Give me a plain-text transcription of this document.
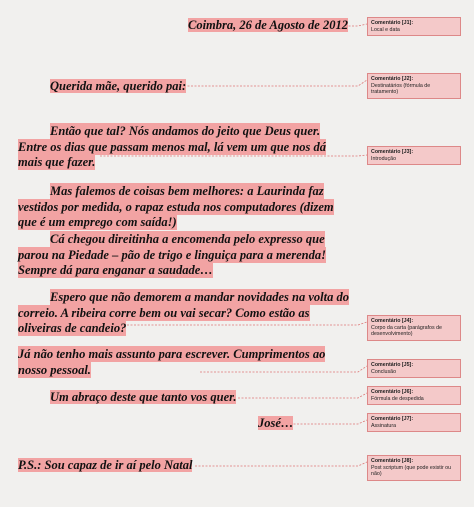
Coimbra, 26 de Agosto de 2012
Querida mãe, querido pai:
Então que tal? Nós andamos do jeito que Deus quer. Entre os dias que passam menos mal, lá vem um que nos dá mais que fazer.
Mas falemos de coisas bem melhores: a Laurinda faz vestidos por medida, o rapaz estuda nos computadores (dizem que é um emprego com saída!)
Cá chegou direitinha a encomenda pelo expresso que parou na Piedade – pão de trigo e linguiça para a merenda! Sempre dá para enganar a saudade…
Espero que não demorem a mandar novidades na volta do correio. A ribeira corre bem ou vai secar? Como estão as oliveiras de candeio?
Já não tenho mais assunto para escrever. Cumprimentos ao nosso pessoal.
Um abraço deste que tanto vos quer.
José…
P.S.: Sou capaz de ir aí pelo Natal
Comentário [J1]:
Local e data
Comentário [J2]:
Destinatários (fórmula de tratamento)
Comentário [J3]:
Introdução
Comentário [J4]:
Corpo da carta (parágrafos de desenvolvimento)
Comentário [J5]:
Conclusão
Comentário [J6]:
Fórmula de despedida
Comentário [J7]:
Assinatura
Comentário [J8]:
Post scriptum (que pode existir ou não)
